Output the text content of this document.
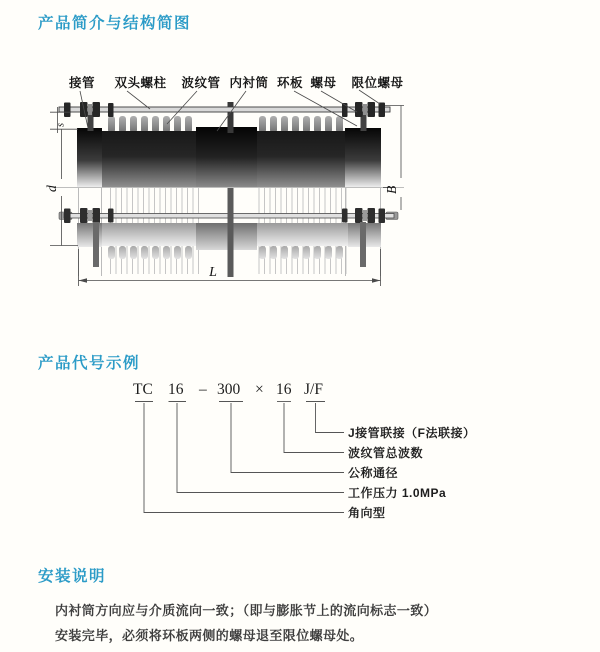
产品简介与结构简图
s
d	B
L
接管 双头螺柱 波纹管 内衬筒 环板 螺母 限位螺母
产品代号示例
TC 16 – 300 × 16 J/F
J接管联接（F法联接）
波纹管总波数
公称通径
工作压力 1.0MPa
角向型
安装说明

内衬筒方向应与介质流向一致；（即与膨胀节上的流向标志一致）

安装完毕，必须将环板两侧的螺母退至限位螺母处。
